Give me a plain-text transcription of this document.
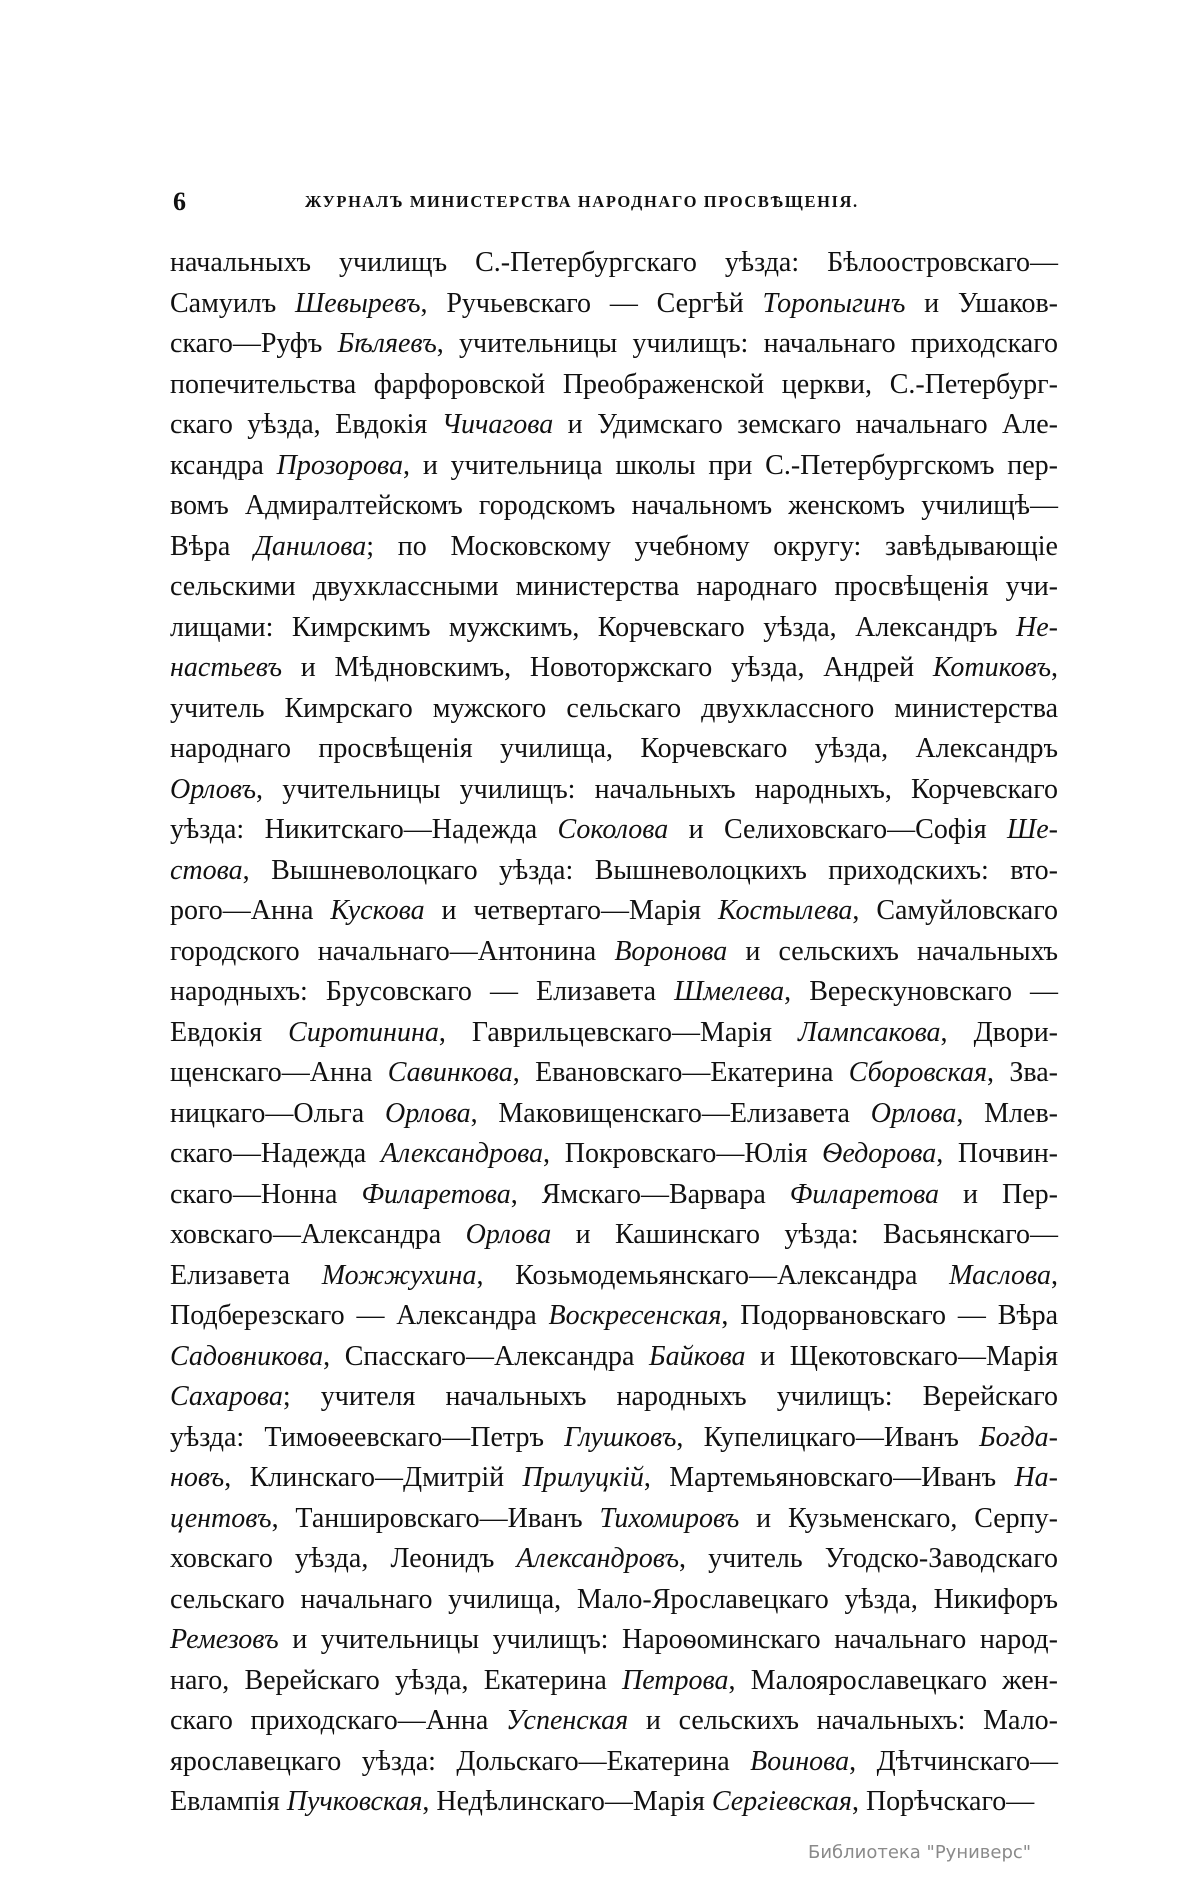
6	ЖУРНАЛЪ МИНИСТЕРСТВА НАРОДНАГО ПРОСВѢЩЕНІЯ.
начальныхъ училищъ С.-Петербургскаго уѣзда: Бѣлоостровскаго—
Самуилъ Шевыревъ, Ручьевскаго — Сергѣй Торопыгинъ и Ушаков-
скаго—Руфъ Бѣляевъ, учительницы училищъ: начальнаго приходскаго
попечительства фарфоровской Преображенской церкви, С.-Петербург-
скаго уѣзда, Евдокія Чичагова и Удимскаго земскаго начальнаго Але-
ксандра Прозорова, и учительница школы при С.-Петербургскомъ пер-
вомъ Адмиралтейскомъ городскомъ начальномъ женскомъ училищѣ—
Вѣра Данилова; по Московскому учебному округу: завѣдывающіе
сельскими двухклассными министерства народнаго просвѣщенія учи-
лищами: Кимрскимъ мужскимъ, Корчевскаго уѣзда, Александръ Не-
настьевъ и Мѣдновскимъ, Новоторжскаго уѣзда, Андрей Котиковъ,
учитель Кимрскаго мужского сельскаго двухклассного министерства
народнаго просвѣщенія училища, Корчевскаго уѣзда, Александръ
Орловъ, учительницы училищъ: начальныхъ народныхъ, Корчевскаго
уѣзда: Никитскаго—Надежда Соколова и Селиховскаго—Софія Ше-
стова, Вышневолоцкаго уѣзда: Вышневолоцкихъ приходскихъ: вто-
рого—Анна Кускова и четвертаго—Марія Костылева, Самуйловскаго
городского начальнаго—Антонина Воронова и сельскихъ начальныхъ
народныхъ: Брусовскаго — Елизавета Шмелева, Верескуновскаго —
Евдокія Сиротинина, Гаврильцевскаго—Марія Лампсакова, Двори-
щенскаго—Анна Савинкова, Евановскаго—Екатерина Сборовская, Зва-
ницкаго—Ольга Орлова, Маковищенскаго—Елизавета Орлова, Млев-
скаго—Надежда Александрова, Покровскаго—Юлія Ѳедорова, Почвин-
скаго—Нонна Филаретова, Ямскаго—Варвара Филаретова и Пер-
ховскаго—Александра Орлова и Кашинскаго уѣзда: Васьянскаго—
Елизавета Можжухина, Козьмодемьянскаго—Александра Маслова,
Подберезскаго — Александра Воскресенская, Подорвановскаго — Вѣра
Садовникова, Спасскаго—Александра Байкова и Щекотовскаго—Марія
Сахарова; учителя начальныхъ народныхъ училищъ: Верейскаго
уѣзда: Тимоѳеевскаго—Петръ Глушковъ, Купелицкаго—Иванъ Богда-
новъ, Клинскаго—Дмитрій Прилуцкій, Мартемьяновскаго—Иванъ На-
центовъ, Таншировскаго—Иванъ Тихомировъ и Кузьменскаго, Серпу-
ховскаго уѣзда, Леонидъ Александровъ, учитель Угодско-Заводскаго
сельскаго начальнаго училища, Мало-Ярославецкаго уѣзда, Никифоръ
Ремезовъ и учительницы училищъ: Нароѳоминскаго начальнаго народ-
наго, Верейскаго уѣзда, Екатерина Петрова, Малоярославецкаго жен-
скаго приходскаго—Анна Успенская и сельскихъ начальныхъ: Мало-
ярославецкаго уѣзда: Дольскаго—Екатерина Воинова, Дѣтчинскаго—
Евлампія Пучковская, Недѣлинскаго—Марія Сергіевская, Порѣчскаго—
Библиотека "Руниверс"
